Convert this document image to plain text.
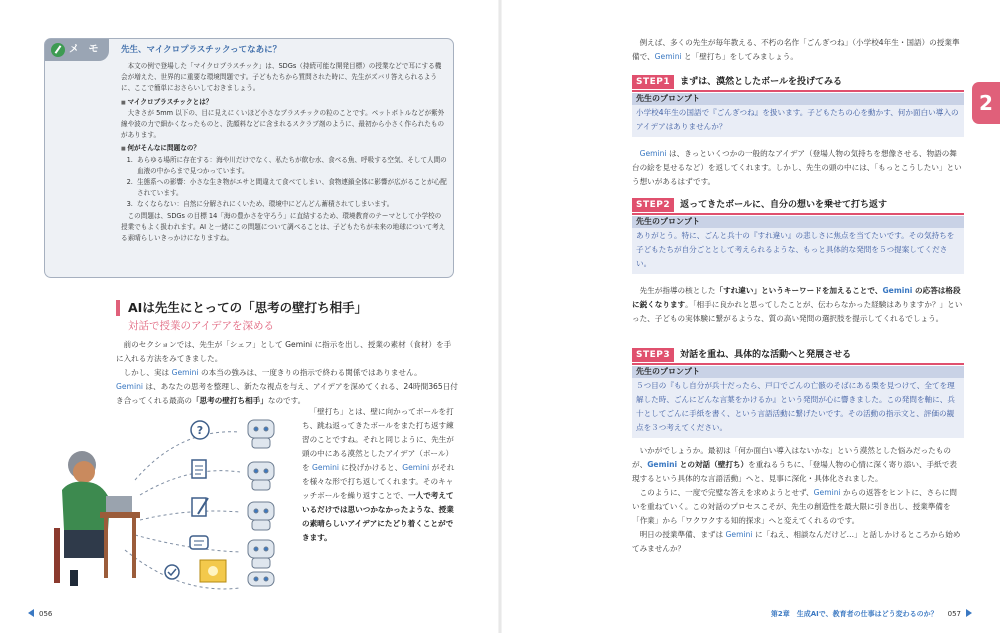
メ モ	先生、マイクロプラスチックってなあに？

本文の例で登場した「マイクロプラスチック」は、SDGs（持続可能な開発目標）の授業などで耳にする機会が増えた、世界的に重要な環境問題です。子どもたちから質問された時に、先生がズバリ答えられるように、ここで簡単におさらいしておきましょう。

■ マイクロプラスチックとは？

大きさが 5mm 以下の、目に見えにくいほど小さなプラスチックの粒のことです。ペットボトルなどが紫外線や波の力で細かくなったものと、洗顔料などに含まれるスクラブ剤のように、最初から小さく作られたものがあります。

■ 何がそんなに問題なの？
1. あらゆる場所に存在する：海や川だけでなく、私たちが飲む水、食べる魚、呼吸する空気、そして人間の血液の中からまで見つかっています。
2. 生態系への影響：小さな生き物がエサと間違えて食べてしまい、食物連鎖全体に影響が広がることが心配されています。
3. なくならない：自然に分解されにくいため、環境中にどんどん蓄積されてしまいます。

この問題は、SDGs の目標 14「海の豊かさを守ろう」に直結するため、環境教育のテーマとして小学校の授業でもよく扱われます。AI と一緒にこの問題について調べることは、子どもたちが未来の地球について考える素晴らしいきっかけになりますね。

AIは先生にとっての「思考の壁打ち相手」
対話で授業のアイデアを深める

前のセクションでは、先生が「シェフ」として Gemini に指示を出し、授業の素材（食材）を手に入れる方法をみてきました。

しかし、実は Gemini の本当の強みは、一度きりの指示で終わる関係ではありません。

Gemini は、あなたの思考を整理し、新たな視点を与え、アイデアを深めてくれる、24時間365日付き合ってくれる最高の「思考の壁打ち相手」なのです。

「壁打ち」とは、壁に向かってボールを打ち、跳ね返ってきたボールをまた打ち返す練習のことですね。それと同じように、先生が頭の中にある漠然としたアイデア（ボール）を Gemini に投げかけると、Gemini がそれを様々な形で打ち返してくれます。そのキャッチボールを繰り返すことで、一人で考えているだけでは思いつかなかったような、授業の素晴らしいアイデアにたどり着くことができます。

?
2

例えば、多くの先生が毎年教える、不朽の名作「ごんぎつね」（小学校4年生・国語）の授業準備で、Gemini と「壁打ち」をしてみましょう。

STEP1	まずは、漠然としたボールを投げてみる
先生のプロンプト
小学校4年生の国語で『ごんぎつね』を扱います。子どもたちの心を動かす、何か面白い導入のアイデアはありませんか？

Gemini は、きっといくつかの一般的なアイデア（登場人物の気持ちを想像させる、物語の舞台の絵を見せるなど）を返してくれます。しかし、先生の頭の中には、「もっとこうしたい」という想いがあるはずです。

STEP2	返ってきたボールに、自分の想いを乗せて打ち返す
先生のプロンプト
ありがとう。特に、ごんと兵十の『すれ違い』の悲しさに焦点を当てたいです。その気持ちを子どもたちが自分ごととして考えられるような、もっと具体的な発問を５つ提案してください。

先生が指導の核とした「すれ違い」というキーワードを加えることで、Gemini の応答は格段に鋭くなります。「相手に良かれと思ってしたことが、伝わらなかった経験はありますか？」といった、子どもの実体験に繋がるような、質の高い発問の選択肢を提示してくれるでしょう。

STEP3	対話を重ね、具体的な活動へと発展させる
先生のプロンプト
５つ目の『もし自分が兵十だったら、戸口でごんの亡骸のそばにある栗を見つけて、全てを理解した時、ごんにどんな言葉をかけるか』という発問が心に響きました。この発問を軸に、兵十としてごんに手紙を書く、という言語活動に繋げたいです。その活動の指示文と、評価の観点を３つ考えてください。

いかがでしょうか。最初は「何か面白い導入はないかな」という漠然とした悩みだったものが、Gemini との対話（壁打ち）を重ねるうちに、「登場人物の心情に深く寄り添い、手紙で表現するという具体的な言語活動」へと、見事に深化・具体化されました。

このように、一度で完璧な答えを求めようとせず、Gemini からの返答をヒントに、さらに問いを重ねていく。この対話のプロセスこそが、先生の創造性を最大限に引き出し、授業準備を「作業」から「ワクワクする知的探求」へと変えてくれるのです。

明日の授業準備、まずは Gemini に「ねえ、相談なんだけど…」と話しかけるところから始めてみませんか？

056	第2章　生成AIで、教育者の仕事はどう変わるのか？ 057
